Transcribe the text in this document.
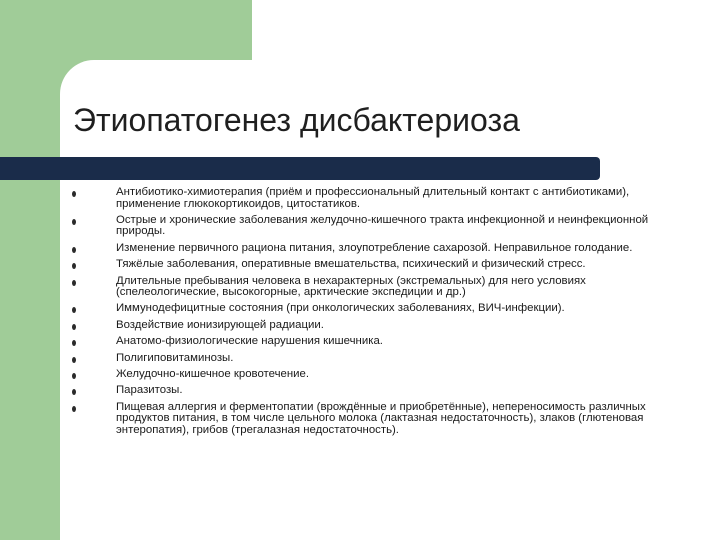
Этиопатогенез дисбактериоза
Антибиотико-химиотерапия (приём и профессиональный длительный контакт с антибиотиками), применение глюкокортикоидов, цитостатиков.
Острые и хронические заболевания желудочно-кишечного тракта инфекционной и неинфекционной природы.
Изменение первичного рациона питания, злоупотребление сахарозой. Неправильное голодание.
Тяжёлые заболевания, оперативные вмешательства, психический и физический стресс.
Длительные пребывания человека в нехарактерных (экстремальных) для него условиях (спелеологические, высокогорные, арктические экспедиции и др.)
Иммунодефицитные состояния (при онкологических заболеваниях, ВИЧ-инфекции).
Воздействие ионизирующей радиации.
Анатомо-физиологические нарушения кишечника.
Полигиповитаминозы.
Желудочно-кишечное кровотечение.
Паразитозы.
Пищевая аллергия и ферментопатии (врождённые и приобретённые), непереносимость различных продуктов питания, в том числе цельного молока (лактазная недостаточность), злаков (глютеновая энтеропатия), грибов (трегалазная недостаточность).
